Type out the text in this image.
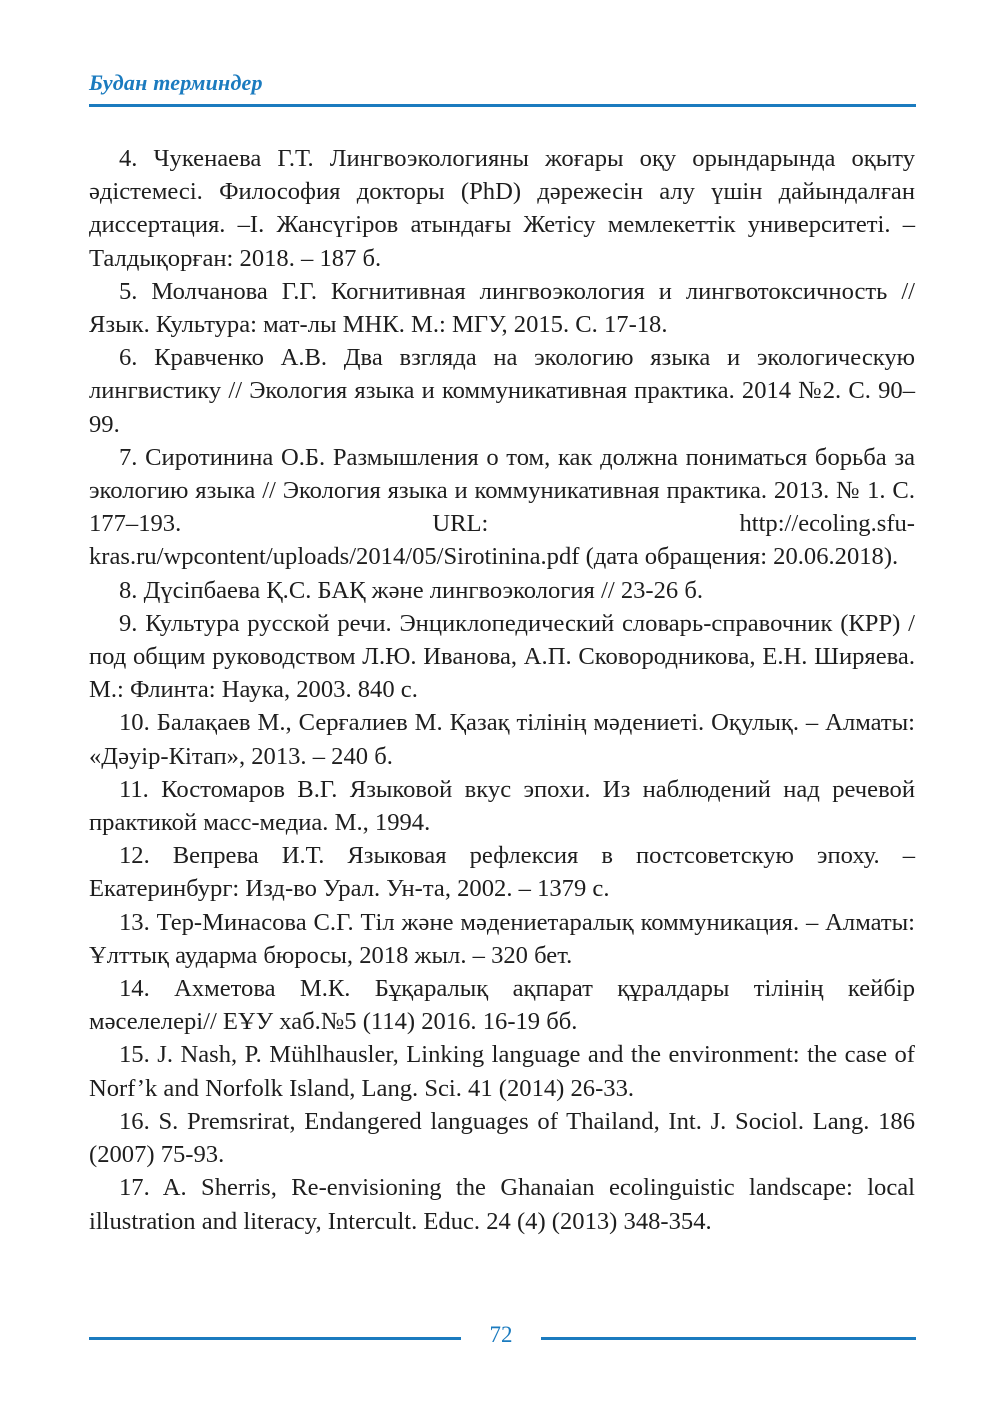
Будан терминдер

4. Чукенаева Г.Т. Лингвоэкологияны жоғары оқу орындарында оқыту әдістемесі. Философия докторы (PhD) дәрежесін алу үшін дайындалған диссертация. –І. Жансүгіров атындағы Жетісу мемлекеттік университеті. – Талдықорған: 2018. – 187 б.

5. Молчанова Г.Г. Когнитивная лингвоэкология и лингвотоксичность // Язык. Культура: мат-лы МНК. М.: МГУ, 2015. С. 17-18.

6. Кравченко А.В. Два взгляда на экологию языка и экологическую лингвистику // Экология языка и коммуникативная практика. 2014 №2. С. 90–99.

7. Сиротинина О.Б. Размышления о том, как должна пониматься борьба за экологию языка // Экология языка и коммуникативная практика. 2013. № 1. С. 177–193. URL: http://ecoling.sfu-kras.ru/wpcontent/uploads/2014/05/Sirotinina.pdf (дата обращения: 20.06.2018).

8. Дүсіпбаева Қ.С. БАҚ және лингвоэкология // 23-26 б.

9. Культура русской речи. Энциклопедический словарь-справочник (КРР) / под общим руководством Л.Ю. Иванова, А.П. Сковородникова, Е.Н. Ширяева. М.: Флинта: Наука, 2003. 840 с.

10. Балақаев М., Серғалиев М. Қазақ тілінің мәдениеті. Оқулық. – Алматы: «Дәуір-Кітап», 2013. – 240 б.

11. Костомаров В.Г. Языковой вкус эпохи. Из наблюдений над речевой практикой масс-медиа. М., 1994.

12. Вепрева И.Т. Языковая рефлексия в постсоветскую эпоху. – Екатеринбург: Изд-во Урал. Ун-та, 2002. – 1379 с.

13. Тер-Минасова С.Г. Тіл және мәдениетаралық коммуникация. – Алматы: Ұлттық аударма бюросы, 2018 жыл. – 320 бет.

14. Ахметова М.К. Бұқаралық ақпарат құралдары тілінің кейбір мәселелері// ЕҰУ хаб.№5 (114) 2016. 16-19 бб.

15. J. Nash, P. Mühlhausler, Linking language and the environment: the case of Norf’k and Norfolk Island, Lang. Sci. 41 (2014) 26-33.

16. S. Premsrirat, Endangered languages of Thailand, Int. J. Sociol. Lang. 186 (2007) 75-93.

17. A. Sherris, Re-envisioning the Ghanaian ecolinguistic landscape: local illustration and literacy, Intercult. Educ. 24 (4) (2013) 348-354.

72
